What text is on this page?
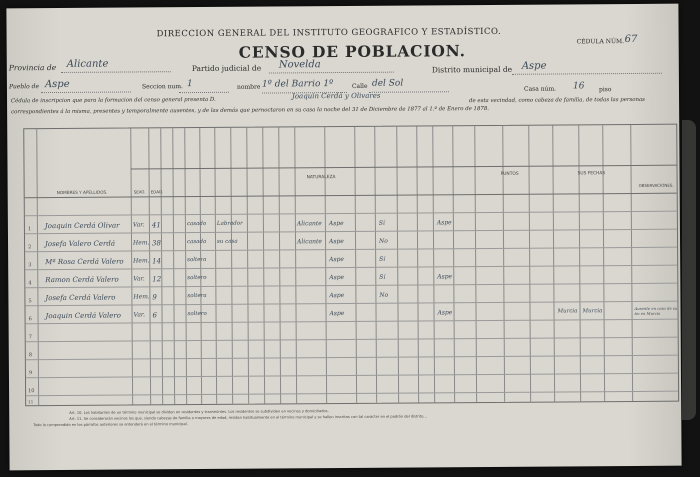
DIRECCION GENERAL DEL INSTITUTO GEOGRAFICO Y ESTADÍSTICO.
CENSO DE POBLACION.	CÉDULA NÚM. 67
Provincia de Alicante	Partido judicial de Novelda	Distrito municipal de Aspe
Pueblo de Aspe	Seccion num. 1	nombre 1º del Barrio 1º	Calle del Sol
Casa núm. 16 piso
Cédula de inscripcion que para la formacion del censo general presenta D.
Joaquin Cerdá y Olivares
de esta vecindad, como cabeza de familia, de todas las personas
correspondientes á la misma, presentes y temporalmente ausentes, y de las demás que pernoctaron en su casa la noche del 31 de Diciembre de 1877 al 1.º de Enero de 1878.
NOMBRES Y APELLIDOS.	SEXO. EDAD.
NATURALEZA
PUNTOS	SUS FECHAS
OBSERVACIONES.
1 Joaquin Cerdá Olivar Var. 41	casado Labrador	Alicante Aspe	Sí	Aspe
2 Josefa Valero Cerdá	Hem. 38	casada su casa	Alicante Aspe	No
3 Mª Rosa Cerdá Valero Hem. 14	soltera	Aspe	Sí
4 Ramon Cerdá Valero Var. 12	soltero	Aspe	Sí	Aspe
5 Josefa Cerdá Valero	Hem. 9	soltera	Aspe	No
6 Joaquin Cerdá Valero Var. 6	soltero	Aspe	Aspe	Murcia Murcia	Ausente en casa de su tío en Murcia
7
8
9
10
11
Art. 10. Los habitantes de un término municipal se dividen en residentes y transeúntes. Los residentes se subdividen en vecinos y domiciliados.
Art. 11. Se considerarán vecinos los que, siendo cabezas de familia o mayores de edad, residan habitualmente en el término municipal y se hallen inscritos con tal carácter en el padrón del distrito...
Todo lo comprendido en los párrafos anteriores se entenderá en el término municipal.
